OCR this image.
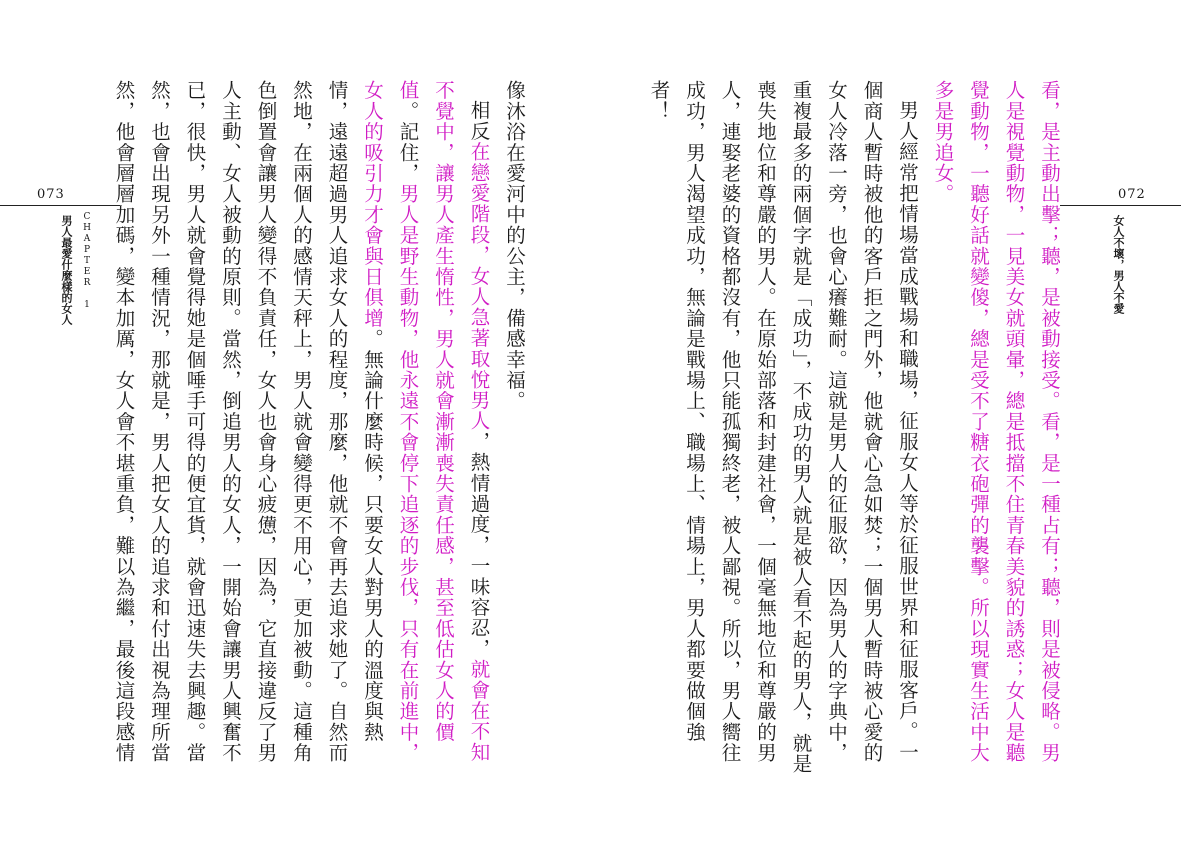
072
女人不壞，男人不愛

看，是主動出擊；聽，是被動接受。看，是一種占有；聽，則是被侵略。男人是視覺動物，一見美女就頭暈，總是抵擋不住青春美貌的誘惑；女人是聽覺動物，一聽好話就變傻，總是受不了糖衣砲彈的襲擊。所以現實生活中大多是男追女。

男人經常把情場當成戰場和職場，征服女人等於征服世界和征服客戶。一個商人暫時被他的客戶拒之門外，他就會心急如焚；一個男人暫時被心愛的女人冷落一旁，也會心癢難耐。這就是男人的征服欲，因為男人的字典中，重複最多的兩個字就是「成功」，不成功的男人就是被人看不起的男人，就是喪失地位和尊嚴的男人。在原始部落和封建社會，一個毫無地位和尊嚴的男人，連娶老婆的資格都沒有，他只能孤獨終老，被人鄙視。所以，男人嚮往成功，男人渴望成功，無論是戰場上、職場上、情場上，男人都要做個強者！

073
CHAPTER 1
男人最愛什麼樣的女人	像沐浴在愛河中的公主，備感幸福。

相反在戀愛階段，女人急著取悅男人，熱情過度，一味容忍，就會在不知不覺中，讓男人產生惰性，男人就會漸漸喪失責任感，甚至低估女人的價值。記住，男人是野生動物，他永遠不會停下追逐的步伐，只有在前進中，女人的吸引力才會與日俱增。無論什麼時候，只要女人對男人的溫度與熱情，遠遠超過男人追求女人的程度，那麼，他就不會再去追求她了。自然而然地，在兩個人的感情天秤上，男人就會變得更不用心，更加被動。這種角色倒置會讓男人變得不負責任，女人也會身心疲憊，因為，它直接違反了男人主動、女人被動的原則。當然，倒追男人的女人，一開始會讓男人興奮不已，很快，男人就會覺得她是個唾手可得的便宜貨，就會迅速失去興趣。當然，也會出現另外一種情況，那就是，男人把女人的追求和付出視為理所當然，他會層層加碼，變本加厲，女人會不堪重負，難以為繼，最後這段感情
